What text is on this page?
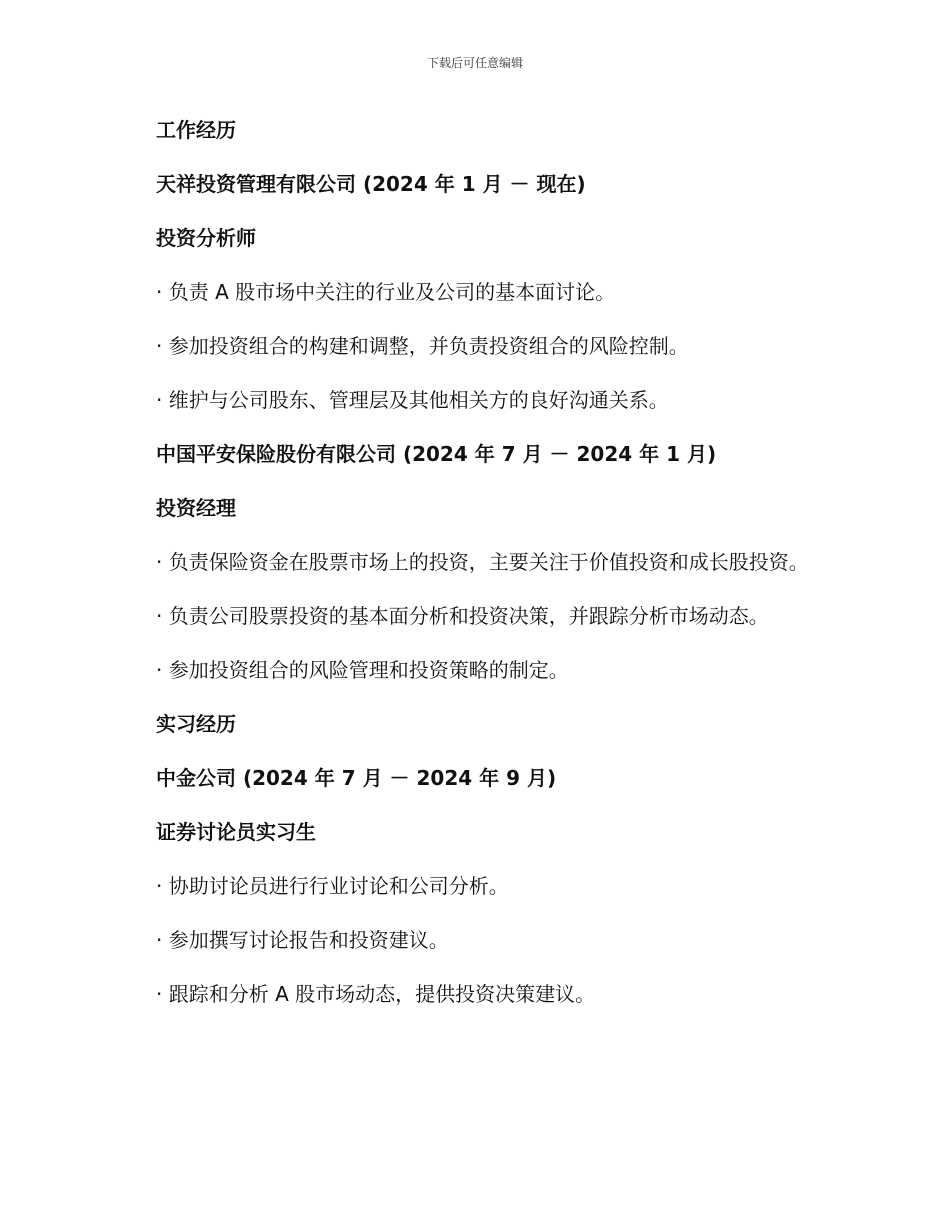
下载后可任意编辑

工作经历

天祥投资管理有限公司 (2024 年 1 月 － 现在)

投资分析师

· 负责 A 股市场中关注的行业及公司的基本面讨论。

· 参加投资组合的构建和调整，并负责投资组合的风险控制。

· 维护与公司股东、管理层及其他相关方的良好沟通关系。

中国平安保险股份有限公司 (2024 年 7 月 － 2024 年 1 月)

投资经理

· 负责保险资金在股票市场上的投资，主要关注于价值投资和成长股投资。

· 负责公司股票投资的基本面分析和投资决策，并跟踪分析市场动态。

· 参加投资组合的风险管理和投资策略的制定。

实习经历

中金公司 (2024 年 7 月 － 2024 年 9 月)

证券讨论员实习生

· 协助讨论员进行行业讨论和公司分析。

· 参加撰写讨论报告和投资建议。

· 跟踪和分析 A 股市场动态，提供投资决策建议。
